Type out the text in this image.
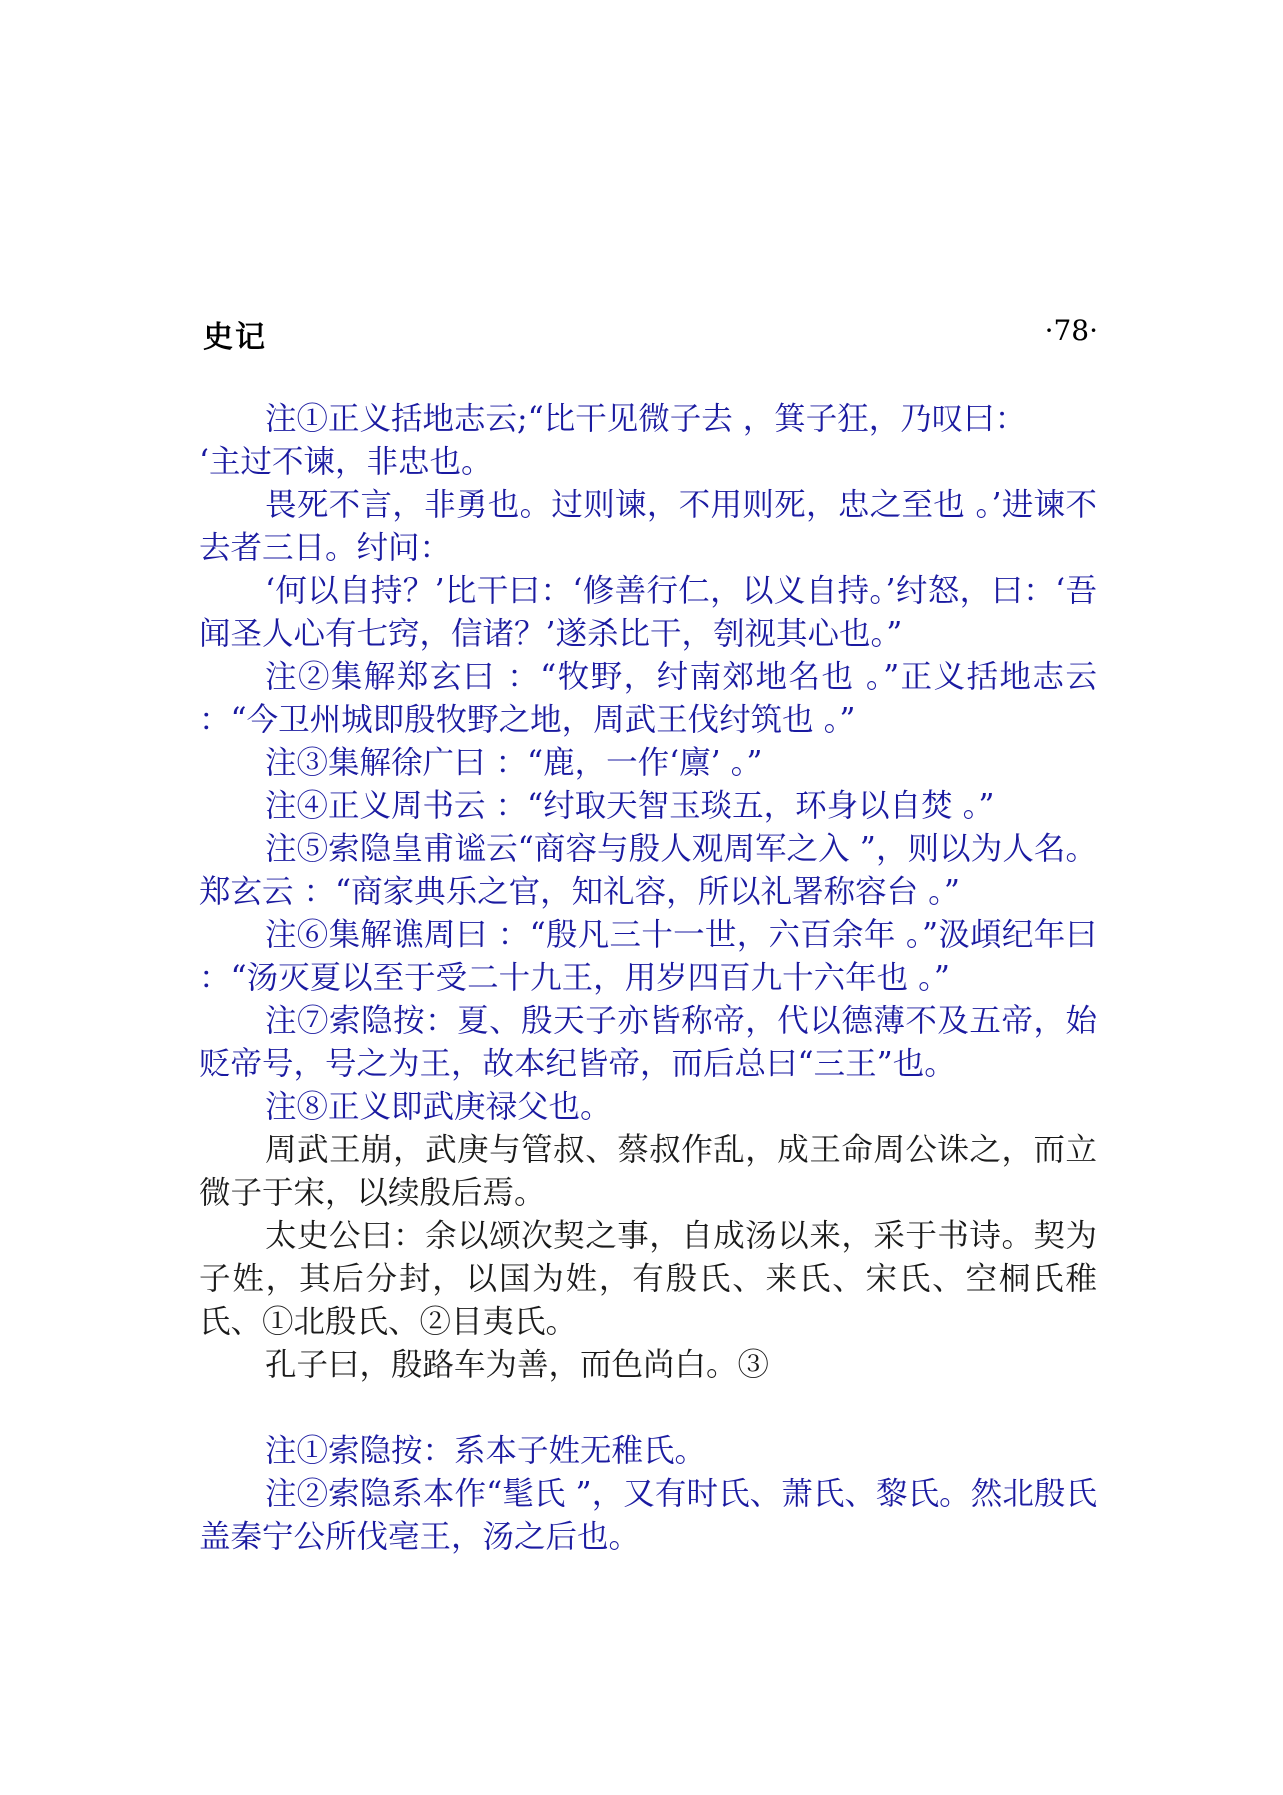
史记	·78·

注①正义括地志云;“比干见微子去 ，箕子狂，乃叹曰：

‘主过不谏，非忠也。

畏死不言，非勇也。过则谏，不用则死，忠之至也 。’进谏不去者三日。纣问：

‘何以自持？’比干曰：‘修善行仁，以义自持。’纣怒，曰：‘吾闻圣人心有七窍，信诸？’遂杀比干，刳视其心也。”

注②集解郑玄曰 ：“牧野，纣南郊地名也 。”正义括地志云 ：“今卫州城即殷牧野之地，周武王伐纣筑也 。”

注③集解徐广曰 ：“鹿，一作‘廪’ 。”

注④正义周书云 ：“纣取天智玉琰五，环身以自焚 。”

注⑤索隐皇甫谧云“商容与殷人观周军之入 ”，则以为人名。郑玄云 ：“商家典乐之官，知礼容，所以礼署称容台 。”

注⑥集解谯周曰 ：“殷凡三十一世，六百余年 。”汲頉纪年曰 ：“汤灭夏以至于受二十九王，用岁四百九十六年也 。”

注⑦索隐按：夏、殷天子亦皆称帝，代以德薄不及五帝，始贬帝号，号之为王，故本纪皆帝，而后总曰“三王”也。

注⑧正义即武庚禄父也。

周武王崩，武庚与管叔、蔡叔作乱，成王命周公诛之，而立微子于宋，以续殷后焉。

太史公曰：余以颂次契之事，自成汤以来，采于书诗。契为子姓，其后分封，以国为姓，有殷氏、来氏、宋氏、空桐氏稚氏、①北殷氏、②目夷氏。

孔子曰，殷路车为善，而色尚白。③

注①索隐按：系本子姓无稚氏。

注②索隐系本作“髦氏 ”，又有时氏、萧氏、黎氏。然北殷氏盖秦宁公所伐亳王，汤之后也。
